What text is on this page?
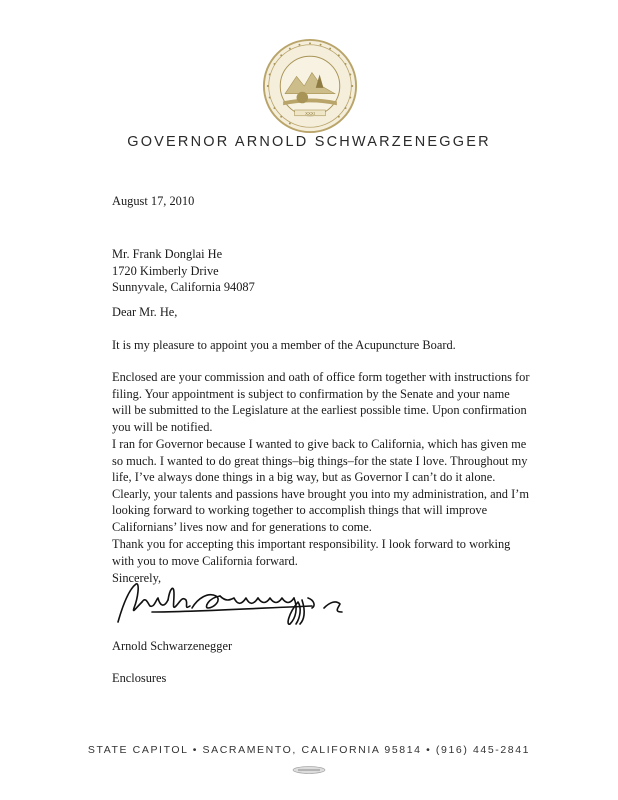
XXXI
GOVERNOR ARNOLD SCHWARZENEGGER
August 17, 2010

Mr. Frank Donglai He

1720 Kimberly Drive

Sunnyvale, California 94087

Dear Mr. He,
It is my pleasure to appoint you a member of the Acupuncture Board.
Enclosed are your commission and oath of office form together with instructions for filing. Your appointment is subject to confirmation by the Senate and your name will be submitted to the Legislature at the earliest possible time. Upon confirmation you will be notified.
I ran for Governor because I wanted to give back to California, which has given me so much. I wanted to do great things–big things–for the state I love. Throughout my life, I’ve always done things in a big way, but as Governor I can’t do it alone. Clearly, your talents and passions have brought you into my administration, and I’m looking forward to working together to accomplish things that will improve Californians’ lives now and for generations to come.
Thank you for accepting this important responsibility. I look forward to working with you to move California forward.
Sincerely,
Arnold Schwarzenegger
Enclosures
STATE CAPITOL • SACRAMENTO, CALIFORNIA 95814 • (916) 445-2841
